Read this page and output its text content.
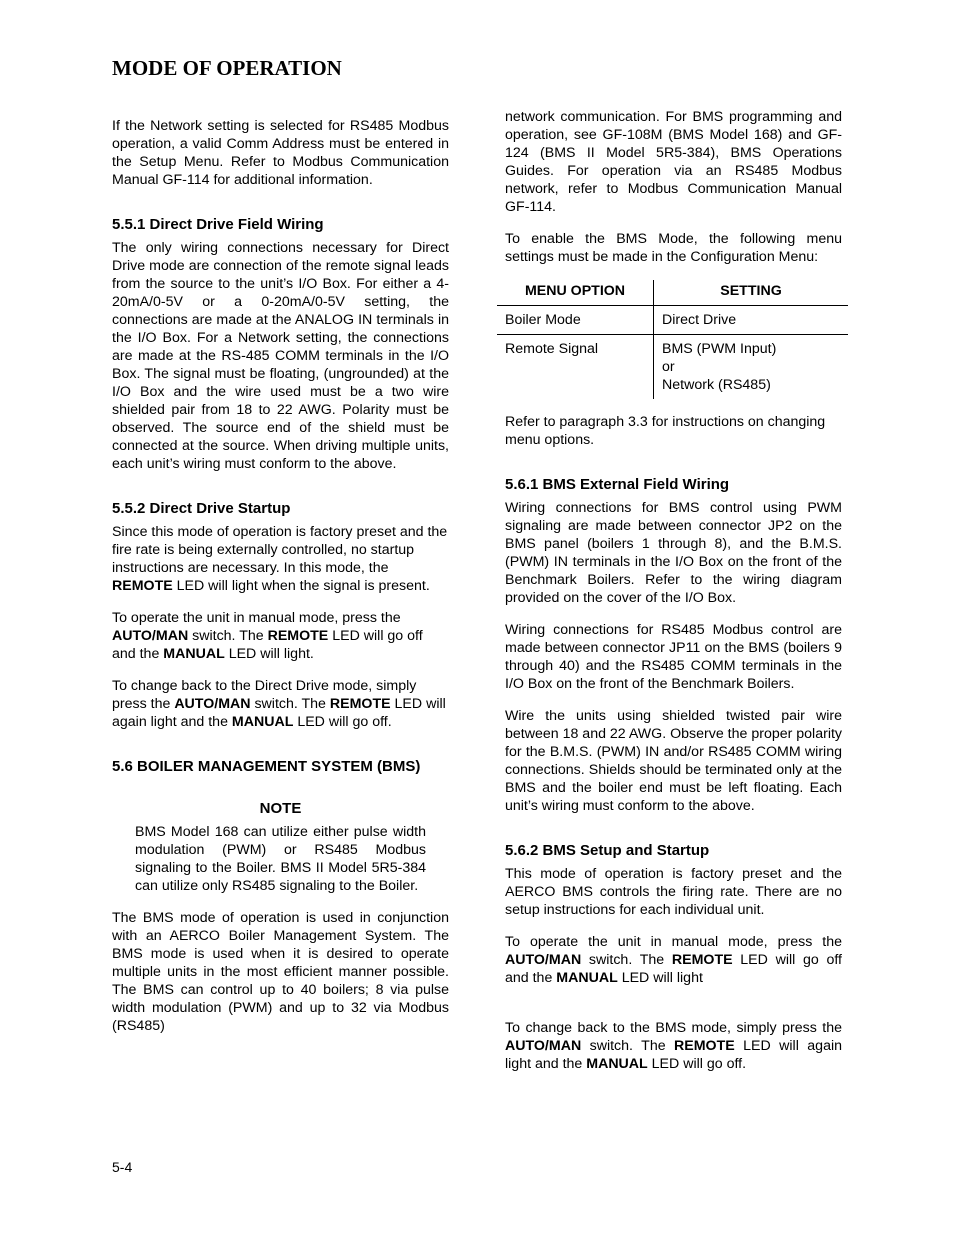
MODE OF OPERATION

If the Network setting is selected for RS485 Modbus operation, a valid Comm Address must be entered in the Setup Menu. Refer to Modbus Communication Manual GF-114 for additional information.

5.5.1 Direct Drive Field Wiring

The only wiring connections necessary for Direct Drive mode are connection of the remote signal leads from the source to the unit’s I/O Box. For either a 4-20mA/0-5V or a 0-20mA/0-5V setting, the connections are made at the ANALOG IN terminals in the I/O Box. For a Network setting, the connections are made at the RS-485 COMM terminals in the I/O Box. The signal must be floating, (ungrounded) at the I/O Box and the wire used must be a two wire shielded pair from 18 to 22 AWG. Polarity must be observed. The source end of the shield must be connected at the source. When driving multiple units, each unit’s wiring must conform to the above.

5.5.2 Direct Drive Startup

Since this mode of operation is factory preset and the fire rate is being externally controlled, no startup instructions are necessary. In this mode, the REMOTE LED will light when the signal is present.

To operate the unit in manual mode, press the AUTO/MAN switch. The REMOTE LED will go off and the MANUAL LED will light.

To change back to the Direct Drive mode, simply press the AUTO/MAN switch. The REMOTE LED will again light and the MANUAL LED will go off.

5.6 BOILER MANAGEMENT SYSTEM (BMS)
NOTE

BMS Model 168 can utilize either pulse width modulation (PWM) or RS485 Modbus signaling to the Boiler. BMS II Model 5R5-384 can utilize only RS485 signaling to the Boiler.

The BMS mode of operation is used in conjunction with an AERCO Boiler Management System. The BMS mode is used when it is desired to operate multiple units in the most efficient manner possible. The BMS can control up to 40 boilers; 8 via pulse width modulation (PWM) and up to 32 via Modbus (RS485)

network communication. For BMS programming and operation, see GF-108M (BMS Model 168) and GF-124 (BMS II Model 5R5-384), BMS Operations Guides. For operation via an RS485 Modbus network, refer to Modbus Communication Manual GF-114.

To enable the BMS Mode, the following menu settings must be made in the Configuration Menu:

MENU OPTION	SETTING
Boiler Mode	Direct Drive
Remote Signal	BMS (PWM Input)
or
Network (RS485)

Refer to paragraph 3.3 for instructions on changing menu options.

5.6.1 BMS External Field Wiring

Wiring connections for BMS control using PWM signaling are made between connector JP2 on the BMS panel (boilers 1 through 8), and the B.M.S. (PWM) IN terminals in the I/O Box on the front of the Benchmark Boilers. Refer to the wiring diagram provided on the cover of the I/O Box.

Wiring connections for RS485 Modbus control are made between connector JP11 on the BMS (boilers 9 through 40) and the RS485 COMM terminals in the I/O Box on the front of the Benchmark Boilers.

Wire the units using shielded twisted pair wire between 18 and 22 AWG. Observe the proper polarity for the B.M.S. (PWM) IN and/or RS485 COMM wiring connections. Shields should be terminated only at the BMS and the boiler end must be left floating. Each unit’s wiring must conform to the above.

5.6.2 BMS Setup and Startup

This mode of operation is factory preset and the AERCO BMS controls the firing rate. There are no setup instructions for each individual unit.

To operate the unit in manual mode, press the AUTO/MAN switch. The REMOTE LED will go off and the MANUAL LED will light

To change back to the BMS mode, simply press the AUTO/MAN switch. The REMOTE LED will again light and the MANUAL LED will go off.

5-4
